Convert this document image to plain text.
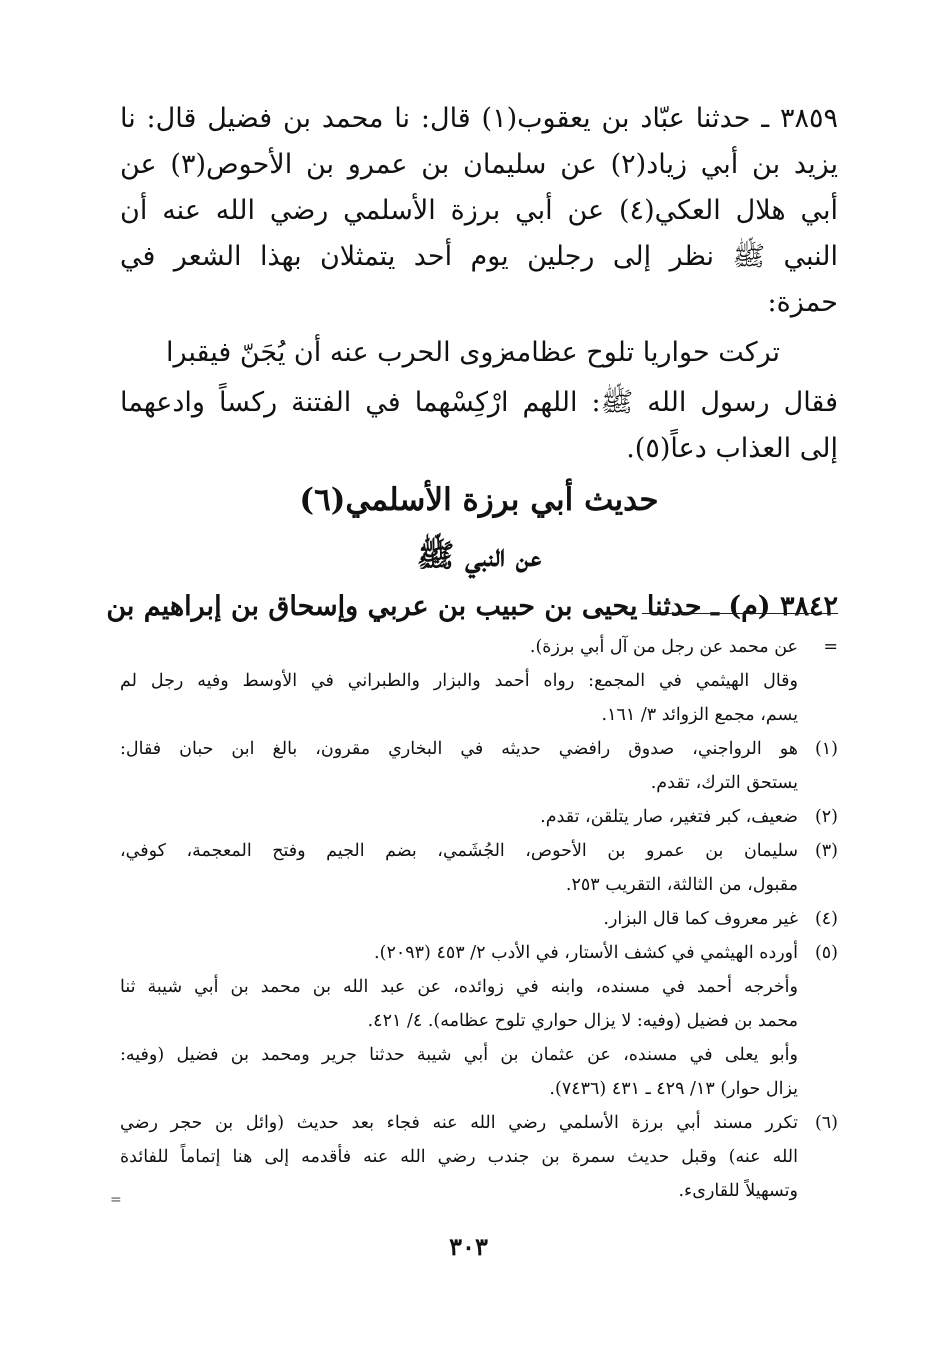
٣٨٥٩ ـ حدثنا عبّاد بن يعقوب(١) قال: نا محمد بن فضيل قال: نا
يزيد بن أبي زياد(٢) عن سليمان بن عمرو بن الأحوص(٣) عن
أبي هلال العكي(٤) عن أبي برزة الأسلمي رضي الله عنه أن
النبي ﷺ نظر إلى رجلين يوم أحد يتمثلان بهذا الشعر في
حمزة:
تركت حواريا تلوح عظامه
زوى الحرب عنه أن يُجَنّ فيقبرا
فقال رسول الله ﷺ: اللهم ارْكِسْهما في الفتنة ركساً وادعهما
إلى العذاب دعاً(٥).
حديث أبي برزة الأسلمي(٦)
عن النبي ﷺ
٣٨٤٢ (م) ـ حدثنا يحيى بن حبيب بن عربي وإسحاق بن إبراهيم بن
=
عن محمد عن رجل من آل أبي برزة).
وقال الهيثمي في المجمع: رواه أحمد والبزار والطبراني في الأوسط وفيه رجل لم
يسم، مجمع الزوائد ٣/ ١٦١.
(١)
هو الرواجني، صدوق رافضي حديثه في البخاري مقرون، بالغ ابن حبان فقال:
يستحق الترك، تقدم.
(٢)
ضعيف، كبر فتغير، صار يتلقن، تقدم.
(٣)
سليمان بن عمرو بن الأحوص، الجُشَمي، بضم الجيم وفتح المعجمة، كوفي،
مقبول، من الثالثة، التقريب ٢٥٣.
(٤)
غير معروف كما قال البزار.
(٥)
أورده الهيثمي في كشف الأستار، في الأدب ٢/ ٤٥٣ (٢٠٩٣).
وأخرجه أحمد في مسنده، وابنه في زوائده، عن عبد الله بن محمد بن أبي شيبة ثنا
محمد بن فضيل (وفيه: لا يزال حواري تلوح عظامه). ٤/ ٤٢١.
وأبو يعلى في مسنده، عن عثمان بن أبي شيبة حدثنا جرير ومحمد بن فضيل (وفيه:
يزال حوار) ١٣/ ٤٢٩ ـ ٤٣١ (٧٤٣٦).
(٦)
تكرر مسند أبي برزة الأسلمي رضي الله عنه فجاء بعد حديث (وائل بن حجر رضي
الله عنه) وقبل حديث سمرة بن جندب رضي الله عنه فأقدمه إلى هنا إتماماً للفائدة
وتسهيلاً للقارىء.
=
٣٠٣
